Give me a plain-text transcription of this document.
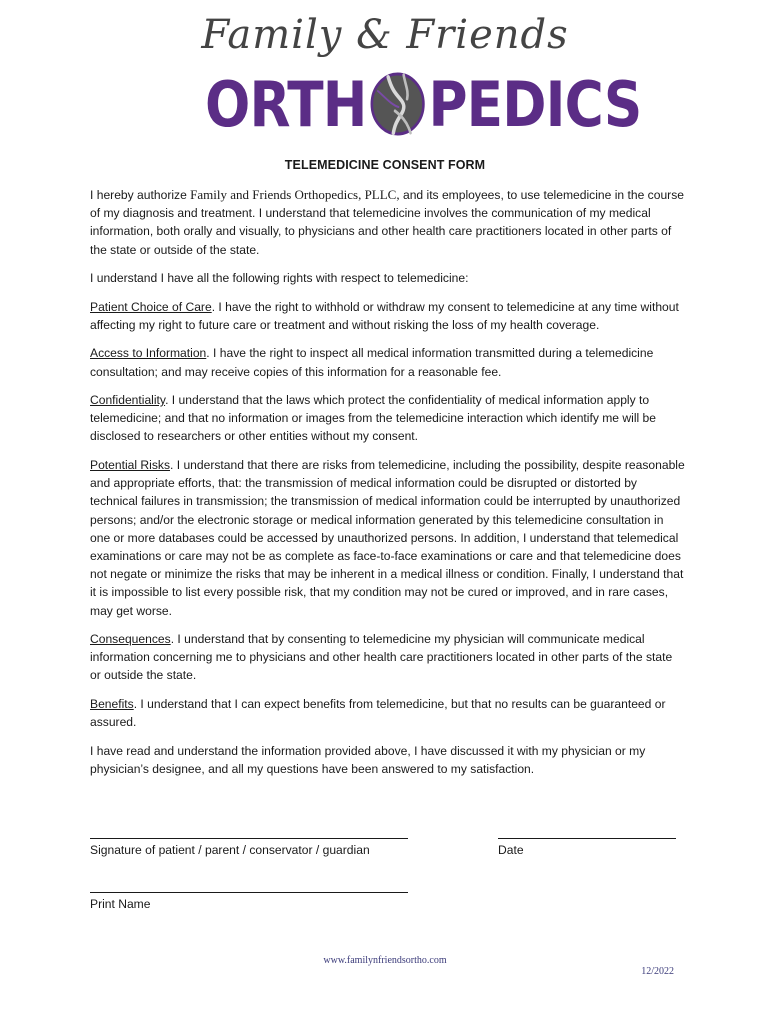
Family & Friends
ORTH PEDICS
TELEMEDICINE CONSENT FORM

I hereby authorize Family and Friends Orthopedics, PLLC, and its employees, to use telemedicine in the course of my diagnosis and treatment. I understand that telemedicine involves the communication of my medical information, both orally and visually, to physicians and other health care practitioners located in other parts of the state or outside of the state.

I understand I have all the following rights with respect to telemedicine:

Patient Choice of Care. I have the right to withhold or withdraw my consent to telemedicine at any time without affecting my right to future care or treatment and without risking the loss of my health coverage.

Access to Information. I have the right to inspect all medical information transmitted during a telemedicine consultation; and may receive copies of this information for a reasonable fee.

Confidentiality. I understand that the laws which protect the confidentiality of medical information apply to telemedicine; and that no information or images from the telemedicine interaction which identify me will be disclosed to researchers or other entities without my consent.

Potential Risks. I understand that there are risks from telemedicine, including the possibility, despite reasonable and appropriate efforts, that: the transmission of medical information could be disrupted or distorted by technical failures in transmission; the transmission of medical information could be interrupted by unauthorized persons; and/or the electronic storage or medical information generated by this telemedicine consultation in one or more databases could be accessed by unauthorized persons. In addition, I understand that telemedical examinations or care may not be as complete as face-to-face examinations or care and that telemedicine does not negate or minimize the risks that may be inherent in a medical illness or condition. Finally, I understand that it is impossible to list every possible risk, that my condition may not be cured or improved, and in rare cases, may get worse.

Consequences. I understand that by consenting to telemedicine my physician will communicate medical information concerning me to physicians and other health care practitioners located in other parts of the state or outside the state.

Benefits. I understand that I can expect benefits from telemedicine, but that no results can be guaranteed or assured.

I have read and understand the information provided above, I have discussed it with my physician or my physician’s designee, and all my questions have been answered to my satisfaction.

Signature of patient / parent / conservator / guardian	Date
Print Name
www.familynfriendsortho.com
12/2022
